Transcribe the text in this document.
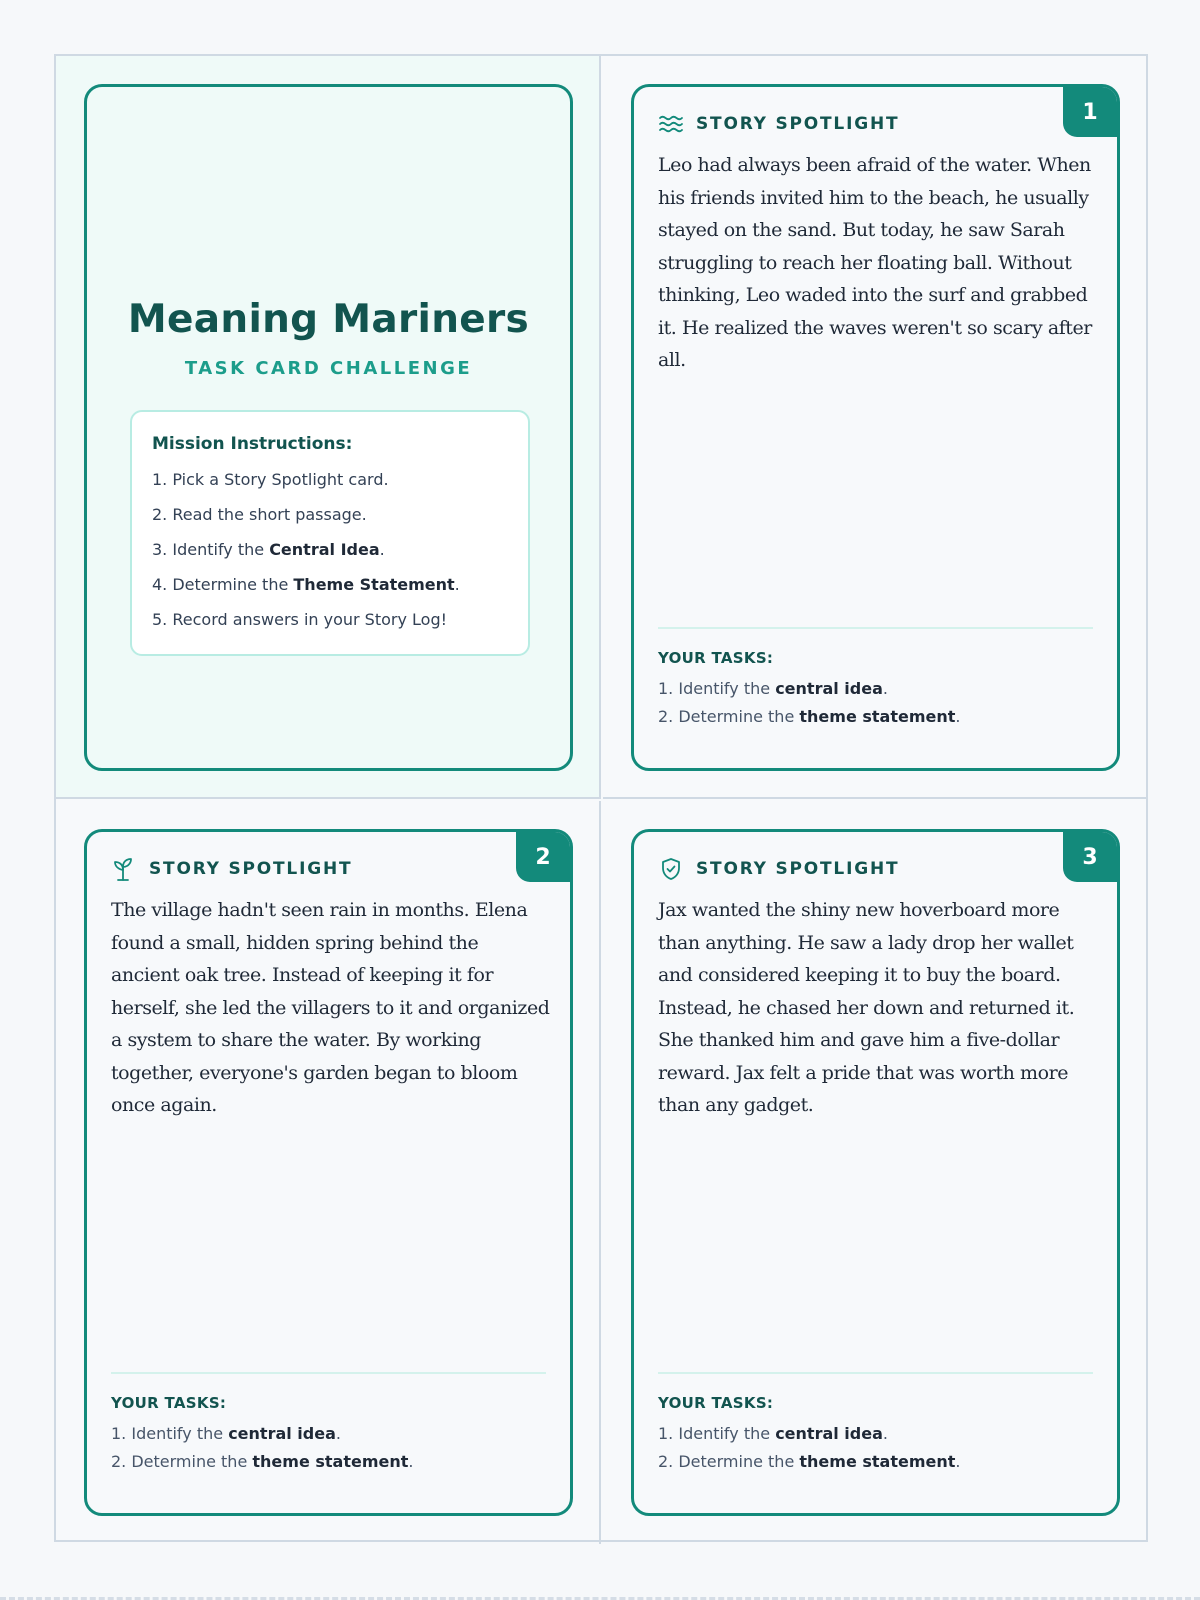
Meaning Mariners
TASK CARD CHALLENGE
Mission Instructions:
1. Pick a Story Spotlight card.
2. Read the short passage.
3. Identify the Central Idea.
4. Determine the Theme Statement.
5. Record answers in your Story Log!
1
STORY SPOTLIGHT
Leo had always been afraid of the water. When his friends invited him to the beach, he usually stayed on the sand. But today, he saw Sarah struggling to reach her floating ball. Without thinking, Leo waded into the surf and grabbed it. He realized the waves weren't so scary after all.
YOUR TASKS:
1. Identify the central idea.
2. Determine the theme statement.
2
STORY SPOTLIGHT
The village hadn't seen rain in months. Elena found a small, hidden spring behind the ancient oak tree. Instead of keeping it for herself, she led the villagers to it and organized a system to share the water. By working together, everyone's garden began to bloom once again.
YOUR TASKS:
1. Identify the central idea.
2. Determine the theme statement.
3
STORY SPOTLIGHT
Jax wanted the shiny new hoverboard more than anything. He saw a lady drop her wallet and considered keeping it to buy the board. Instead, he chased her down and returned it. She thanked him and gave him a five-dollar reward. Jax felt a pride that was worth more than any gadget.
YOUR TASKS:
1. Identify the central idea.
2. Determine the theme statement.
